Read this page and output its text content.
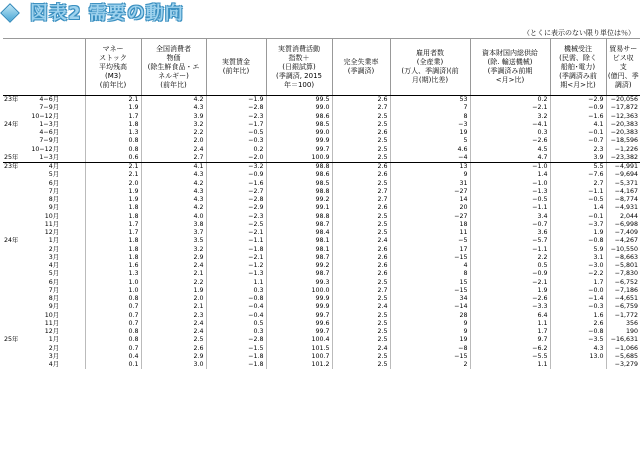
図表2 需要の動向
（とくに表示のない限り単位は％）
	マネー
ストック
平均残高
(M3)
(前年比)	全国消費者
物価
(除生鮮食品・エ
ネルギー)
(前年比)	実質賃金
(前年比)	実質消費活動
指数＋
(日銀試算)
(季調済, 2015
年＝100)	完全失業率
(季調済)	雇用者数
(全産業)
(万人、季調済)(前
月(期)比差)	資本財国内総供給
(除. 輸送機械)
(季調済み前期
<月>比)	機械受注
(民需、除く
船舶･電力)
(季調済み前
期<月>比)	貿易サービス収
支
(億円、季調済)
23年 4−6月	2.1	4.2	−1.9	99.5	2.6	53	0.2	−2.9	−20,056
7−9月	1.9	4.3	−2.8	99.0	2.7	7	−2.1	−0.9	−17,872
10−12月	1.7	3.9	−2.3	98.6	2.5	8	3.2	−1.6	−12,363
24年 1−3月	1.8	3.2	−1.7	98.5	2.5	−3	−4.1	4.1	−20,383
4−6月	1.3	2.2	−0.5	99.0	2.6	19	0.3	−0.1	−20,383
7−9月	0.8	2.0	−0.3	99.9	2.5	5	−2.6	−0.7	−18,596
10−12月	0.8	2.4	0.2	99.7	2.5	4.6	4.5	2.3	−1,226
25年 1−3月	0.6	2.7	−2.0	100.9	2.5	−4	4.7	3.9	−23,382
23年 4月	2.1	4.1	−3.2	98.8	2.6	13	−1.0	5.5	−4,991
5月	2.1	4.3	−0.9	98.6	2.6	9	1.4	−7.6	−9,694
6月	2.0	4.2	−1.6	98.5	2.5	31	−1.0	2.7	−5,371
7月	1.9	4.3	−2.7	98.8	2.7	−27	−1.3	−1.1	−4,167
8月	1.9	4.3	−2.8	99.2	2.7	14	−0.5	−0.5	−8,774
9月	1.8	4.2	−2.9	99.1	2.6	20	−1.1	1.4	−4,931
10月	1.8	4.0	−2.3	98.8	2.5	−27	3.4	−0.1	2,044
11月	1.7	3.8	−2.5	98.7	2.5	18	−0.7	−3.7	−6,998
12月	1.7	3.7	−2.1	98.4	2.5	11	3.6	1.9	−7,409
24年 1月	1.8	3.5	−1.1	98.1	2.4	−5	−5.7	−0.8	−4,267
2月	1.8	3.2	−1.8	98.1	2.6	17	−1.1	5.9	−10,550
3月	1.8	2.9	−2.1	98.7	2.6	−15	2.2	3.1	−8,663
4月	1.6	2.4	−1.2	99.2	2.6	4	0.5	−3.0	−5,801
5月	1.3	2.1	−1.3	98.7	2.6	8	−0.9	−2.2	−7,830
6月	1.0	2.2	1.1	99.3	2.5	15	−2.1	1.7	−6,752
7月	1.0	1.9	0.3	100.0	2.7	−15	1.9	−0.0	−7,186
8月	0.8	2.0	−0.8	99.9	2.5	34	−2.6	−1.4	−4,651
9月	0.7	2.1	−0.4	99.9	2.4	−14	−3.3	−0.3	−6,759
10月	0.7	2.3	−0.4	99.7	2.5	28	6.4	1.6	−1,772
11月	0.7	2.4	0.5	99.6	2.5	9	1.1	2.6	356
12月	0.8	2.4	0.3	99.7	2.5	9	1.7	−0.8	190
25年 1月	0.8	2.5	−2.8	100.4	2.5	19	9.7	−3.5	−16,631
2月	0.7	2.6	−1.5	101.5	2.4	−8	−6.2	4.3	−1,066
3月	0.4	2.9	−1.8	100.7	2.5	−15	−5.5	13.0	−5,685
4月	0.1	3.0	−1.8	101.2	2.5	2	1.1		−3,279
